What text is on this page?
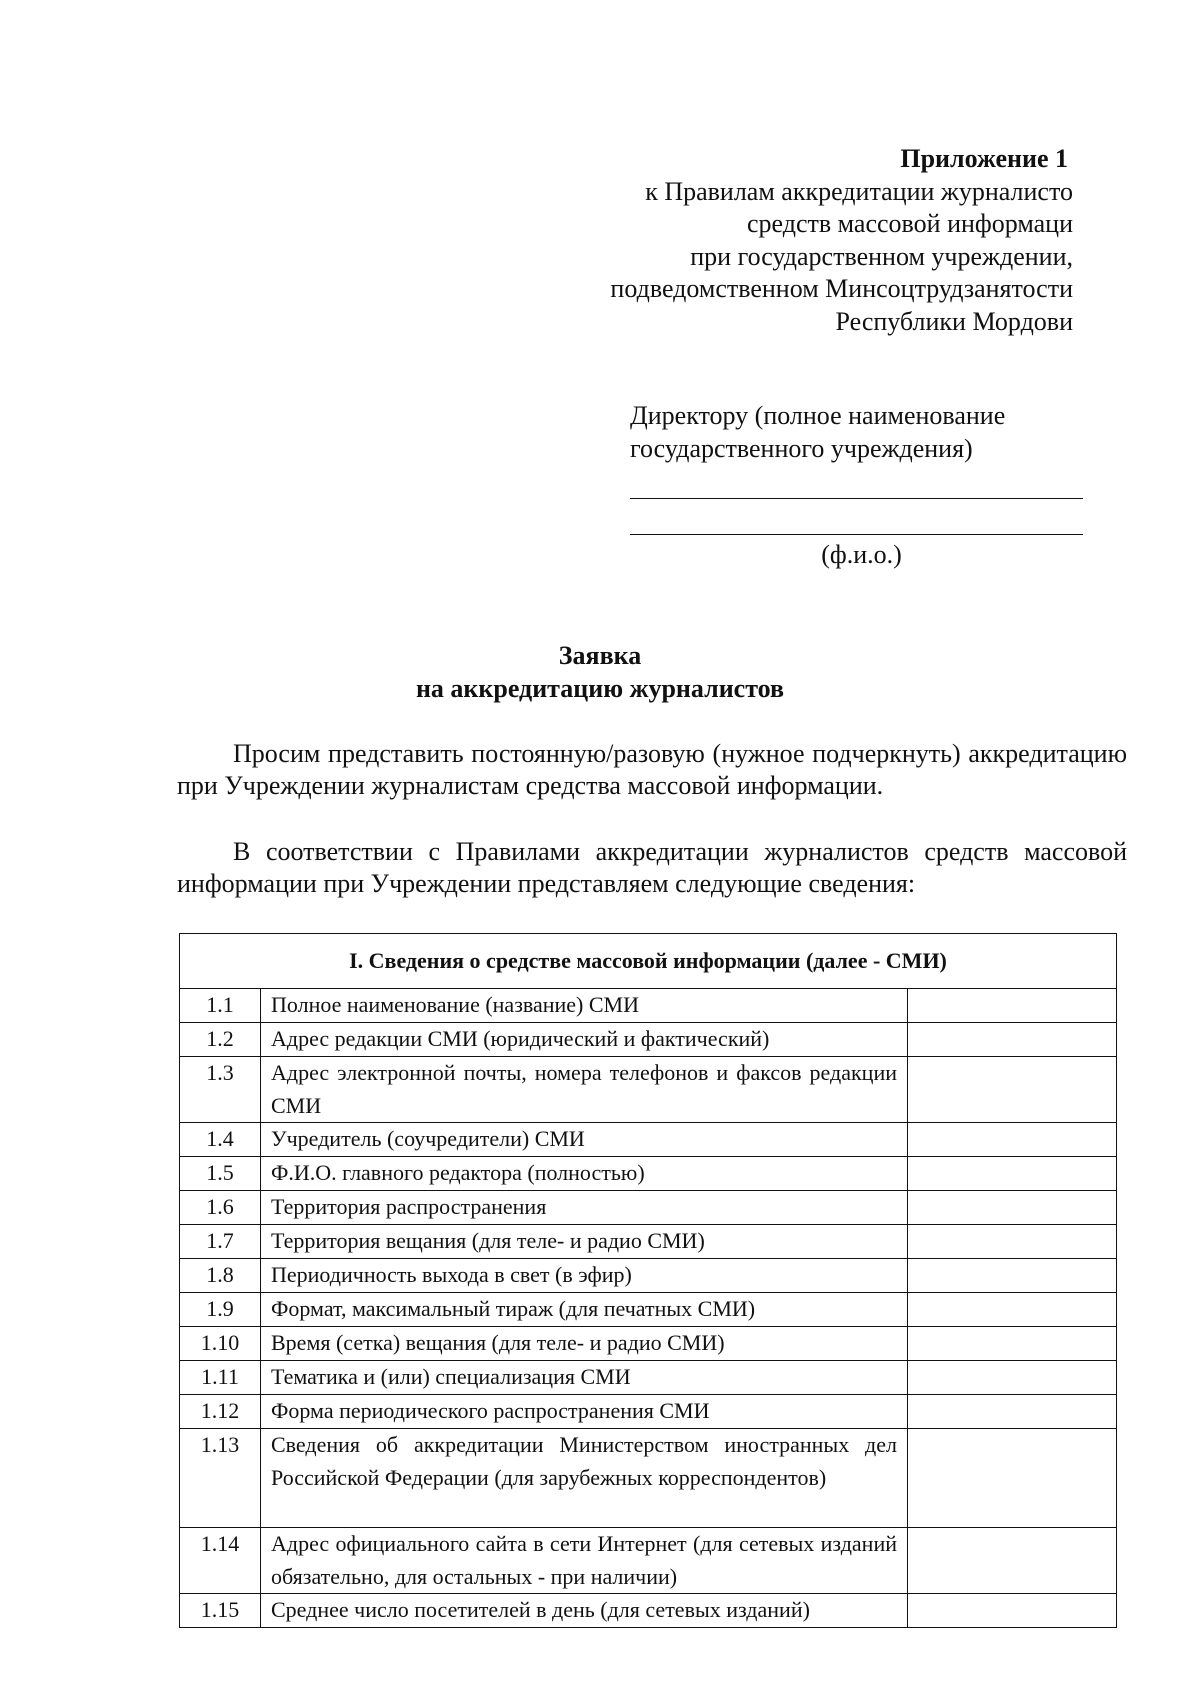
Приложение 1
к Правилам аккредитации журналисто
средств массовой информаци
при государственном учреждении,
подведомственном Минсоцтрудзанятости
Республики Мордови
Директору (полное наименование
государственного учреждения)
(ф.и.о.)
Заявка
на аккредитацию журналистов
Просим представить постоянную/разовую (нужное подчеркнуть) аккредитацию при Учреждении журналистам средства массовой информации.
В соответствии с Правилами аккредитации журналистов средств массовой информации при Учреждении представляем следующие сведения:
I. Сведения о средстве массовой информации (далее - СМИ)		
1.1	Полное наименование (название) СМИ	
1.2	Адрес редакции СМИ (юридический и фактический)	
1.3	Адрес электронной почты, номера телефонов и факсов редакции СМИ	
1.4	Учредитель (соучредители) СМИ	
1.5	Ф.И.О. главного редактора (полностью)	
1.6	Территория распространения	
1.7	Территория вещания (для теле- и радио СМИ)	
1.8	Периодичность выхода в свет (в эфир)	
1.9	Формат, максимальный тираж (для печатных СМИ)	
1.10	Время (сетка) вещания (для теле- и радио СМИ)	
1.11	Тематика и (или) специализация СМИ	
1.12	Форма периодического распространения СМИ	
1.13	Сведения об аккредитации Министерством иностранных дел Российской Федерации (для зарубежных корреспондентов)	
1.14	Адрес официального сайта в сети Интернет (для сетевых изданий обязательно, для остальных - при наличии)	
1.15	Среднее число посетителей в день (для сетевых изданий)	
